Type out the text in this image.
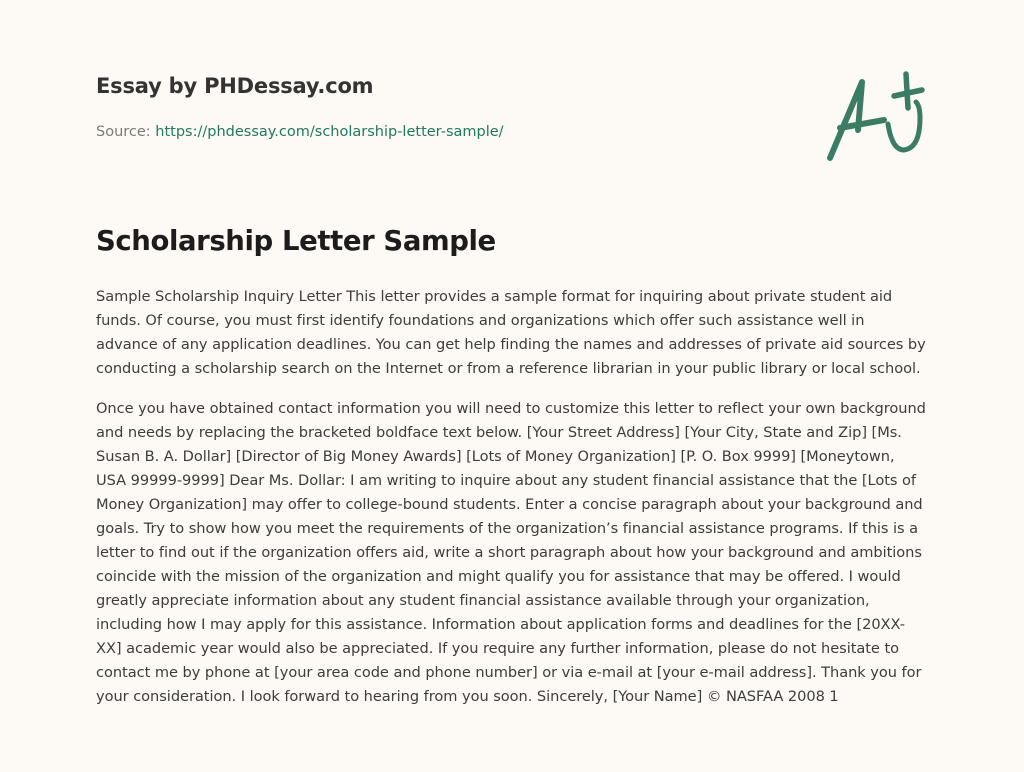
Essay by PHDessay.com
Source: https://phdessay.com/scholarship-letter-sample/
Scholarship Letter Sample

Sample Scholarship Inquiry Letter This letter provides a sample format for inquiring about private student aid funds. Of course, you must first identify foundations and organizations which offer such assistance well in advance of any application deadlines. You can get help finding the names and addresses of private aid sources by conducting a scholarship search on the Internet or from a reference librarian in your public library or local school.

Once you have obtained contact information you will need to customize this letter to reflect your own background and needs by replacing the bracketed boldface text below. [Your Street Address] [Your City, State and Zip] [Ms. Susan B. A. Dollar] [Director of Big Money Awards] [Lots of Money Organization] [P. O. Box 9999] [Moneytown, USA 99999-9999] Dear Ms. Dollar: I am writing to inquire about any student financial assistance that the [Lots of Money Organization] may offer to college-bound students. Enter a concise paragraph about your background and goals. Try to show how you meet the requirements of the organization’s financial assistance programs. If this is a letter to find out if the organization offers aid, write a short paragraph about how your background and ambitions coincide with the mission of the organization and might qualify you for assistance that may be offered. I would greatly appreciate information about any student financial assistance available through your organization, including how I may apply for this assistance. Information about application forms and deadlines for the [20XX-XX] academic year would also be appreciated. If you require any further information, please do not hesitate to contact me by phone at [your area code and phone number] or via e-mail at [your e-mail address]. Thank you for your consideration. I look forward to hearing from you soon. Sincerely, [Your Name] © NASFAA 2008 1
